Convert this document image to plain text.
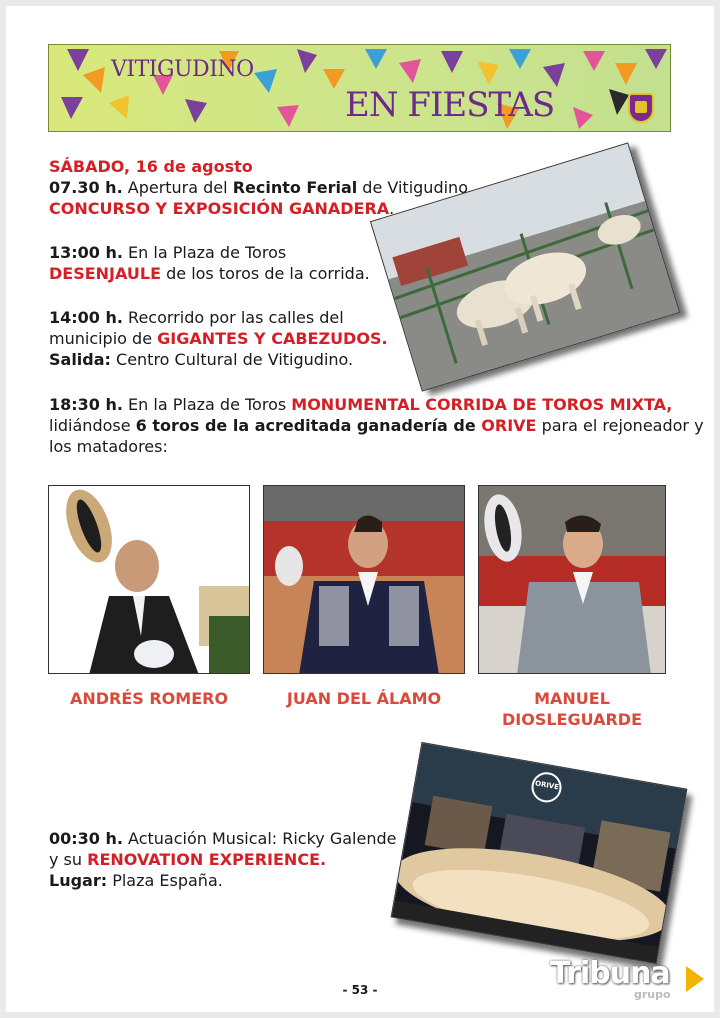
VITIGUDINO
EN FIESTAS
SÁBADO, 16 de agosto
07.30 h. Apertura del Recinto Ferial de Vitigudino.
CONCURSO Y EXPOSICIÓN GANADERA.
13:00 h. En la Plaza de Toros
DESENJAULE de los toros de la corrida.
14:00 h. Recorrido por las calles del
municipio de GIGANTES Y CABEZUDOS.
Salida: Centro Cultural de Vitigudino.
18:30 h. En la Plaza de Toros MONUMENTAL CORRIDA DE TOROS MIXTA,
lidiándose 6 toros de la acreditada ganadería de ORIVE para el rejoneador y
los matadores:
ANDRÉS ROMERO	JUAN DEL ÁLAMO	MANUEL DIOSLEGUARDE
ORIVE
00:30 h. Actuación Musical: Ricky Galende
y su RENOVATION EXPERIENCE.
Lugar: Plaza España.
- 53 -	Tribuna
grupo
